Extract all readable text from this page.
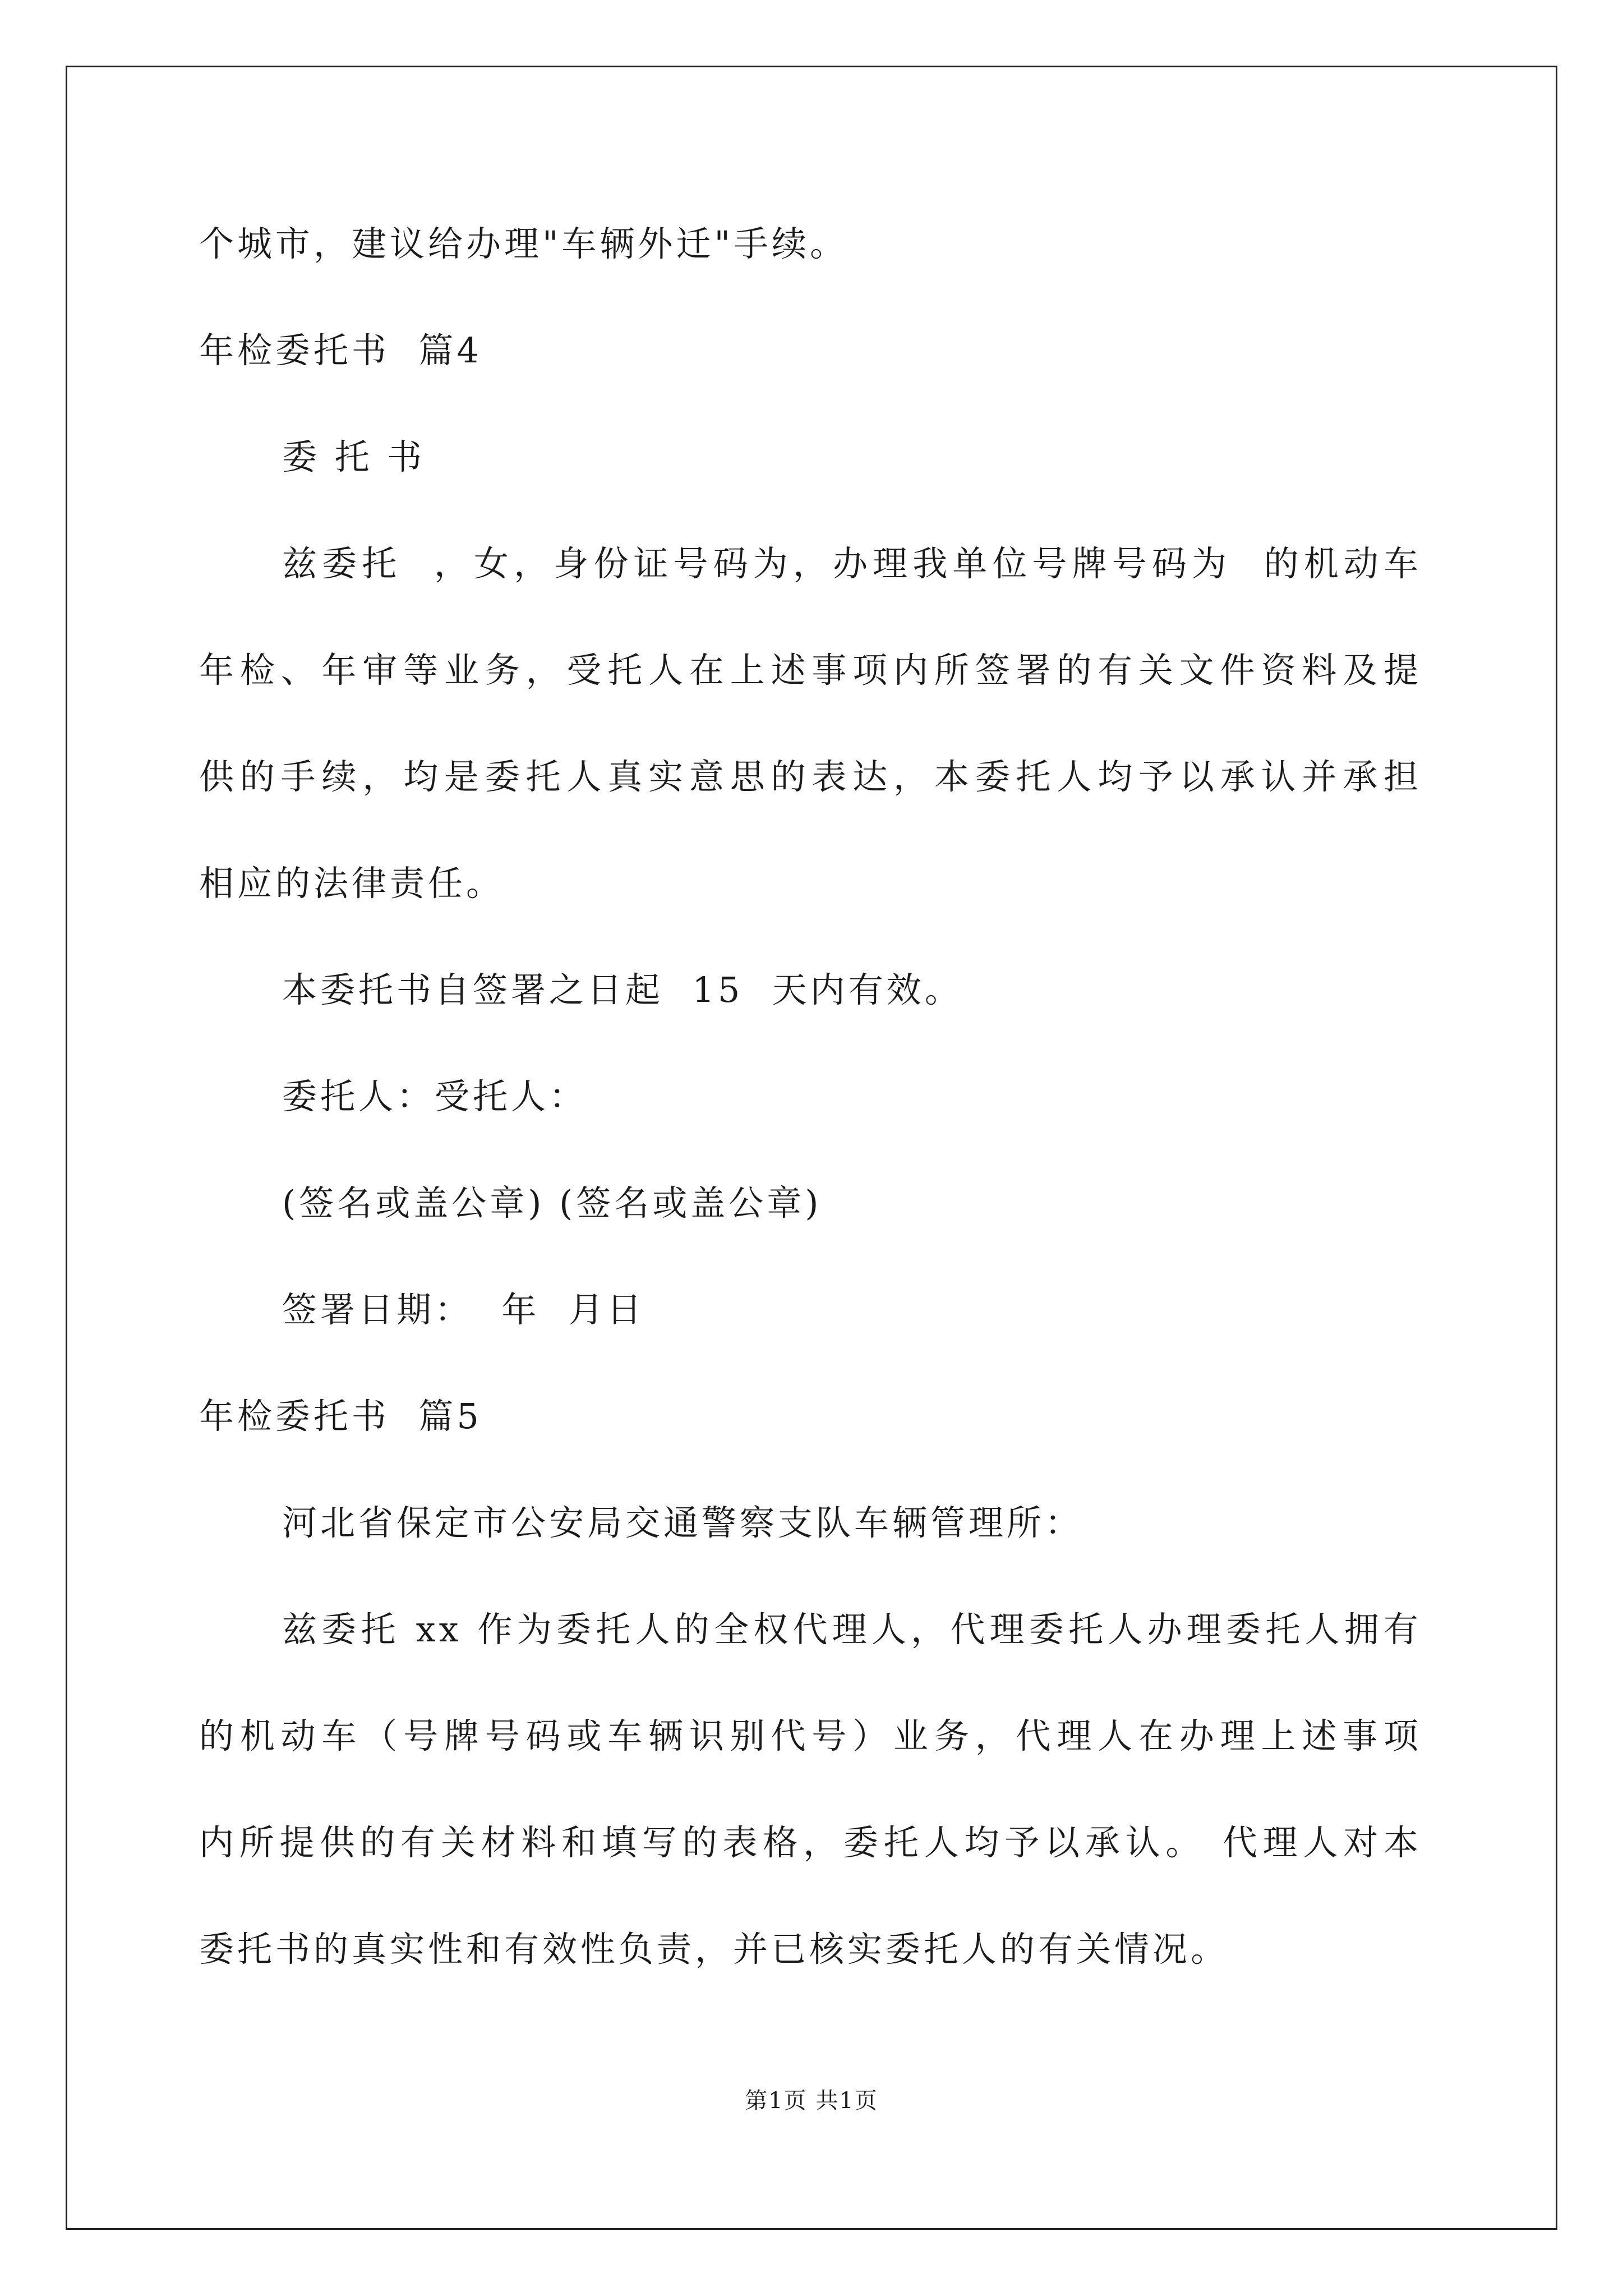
个城市，建议给办理"车辆外迁"手续。
年检委托书  篇4
委 托 书
兹委托  ，女，身份证号码为，办理我单位号牌号码为  的机动车
年检、年审等业务，受托人在上述事项内所签署的有关文件资料及提
供的手续，均是委托人真实意思的表达，本委托人均予以承认并承担
相应的法律责任。
本委托书自签署之日起  15  天内有效。
委托人：受托人：
(签名或盖公章) (签名或盖公章)
签署日期：  年  月日
年检委托书  篇5
河北省保定市公安局交通警察支队车辆管理所：
兹委托 xx 作为委托人的全权代理人，代理委托人办理委托人拥有
的机动车（号牌号码或车辆识别代号）业务，代理人在办理上述事项
内所提供的有关材料和填写的表格，委托人均予以承认。 代理人对本
委托书的真实性和有效性负责，并已核实委托人的有关情况。
第1页 共1页
